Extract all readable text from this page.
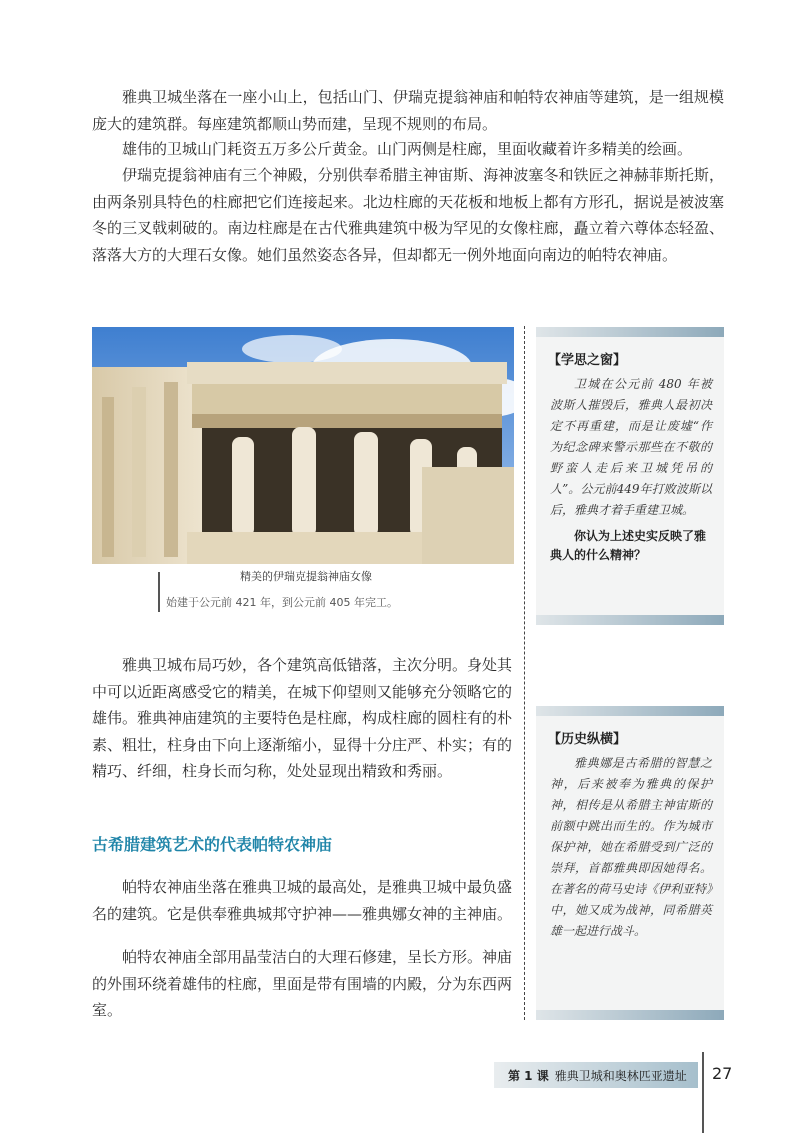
雅典卫城坐落在一座小山上，包括山门、伊瑞克提翁神庙和帕特农神庙等建筑，是一组规模庞大的建筑群。每座建筑都顺山势而建，呈现不规则的布局。

雄伟的卫城山门耗资五万多公斤黄金。山门两侧是柱廊，里面收藏着许多精美的绘画。

伊瑞克提翁神庙有三个神殿，分别供奉希腊主神宙斯、海神波塞冬和铁匠之神赫菲斯托斯，由两条别具特色的柱廊把它们连接起来。北边柱廊的天花板和地板上都有方形孔，据说是被波塞冬的三叉戟刺破的。南边柱廊是在古代雅典建筑中极为罕见的女像柱廊，矗立着六尊体态轻盈、落落大方的大理石女像。她们虽然姿态各异，但却都无一例外地面向南边的帕特农神庙。

精美的伊瑞克提翁神庙女像
始建于公元前 421 年，到公元前 405 年完工。
【学思之窗】
卫城在公元前 480 年被波斯人摧毁后，雅典人最初决定不再重建，而是让废墟“作为纪念碑来警示那些在不敬的野蛮人走后来卫城凭吊的人”。公元前449年打败波斯以后，雅典才着手重建卫城。
你认为上述史实反映了雅典人的什么精神？

雅典卫城布局巧妙，各个建筑高低错落，主次分明。身处其中可以近距离感受它的精美，在城下仰望则又能够充分领略它的雄伟。雅典神庙建筑的主要特色是柱廊，构成柱廊的圆柱有的朴素、粗壮，柱身由下向上逐渐缩小，显得十分庄严、朴实；有的精巧、纤细，柱身长而匀称，处处显现出精致和秀丽。

【历史纵横】
雅典娜是古希腊的智慧之神，后来被奉为雅典的保护神，相传是从希腊主神宙斯的前额中跳出而生的。作为城市保护神，她在希腊受到广泛的崇拜，首都雅典即因她得名。在著名的荷马史诗《伊利亚特》中，她又成为战神，同希腊英雄一起进行战斗。
古希腊建筑艺术的代表帕特农神庙

帕特农神庙坐落在雅典卫城的最高处，是雅典卫城中最负盛名的建筑。它是供奉雅典城邦守护神——雅典娜女神的主神庙。

帕特农神庙全部用晶莹洁白的大理石修建，呈长方形。神庙的外围环绕着雄伟的柱廊，里面是带有围墙的内殿，分为东西两室。

第 1 课 雅典卫城和奥林匹亚遗址 27
